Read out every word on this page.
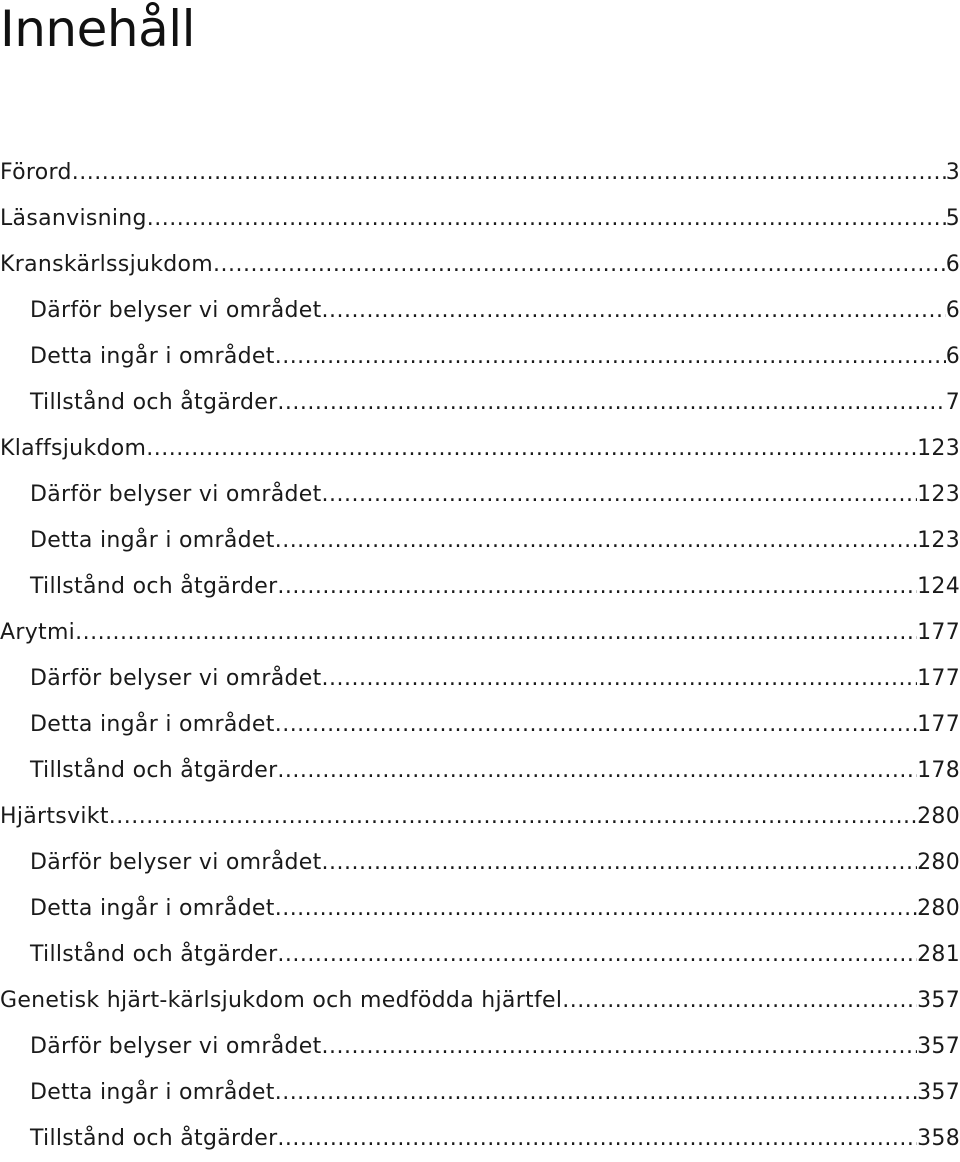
Innehåll
Förord .....	3
Läsanvisning .....	5
Kranskärlssjukdom .....	6
Därför belyser vi området .....	6
Detta ingår i området .....	6
Tillstånd och åtgärder .....	7
Klaffsjukdom .....	123
Därför belyser vi området .....	123
Detta ingår i området .....	123
Tillstånd och åtgärder .....	124
Arytmi .....	177
Därför belyser vi området .....	177
Detta ingår i området .....	177
Tillstånd och åtgärder .....	178
Hjärtsvikt .....	280
Därför belyser vi området .....	280
Detta ingår i området .....	280
Tillstånd och åtgärder .....	281
Genetisk hjärt-kärlsjukdom och medfödda hjärtfel .....	357
Därför belyser vi området .....	357
Detta ingår i området .....	357
Tillstånd och åtgärder .....	358
